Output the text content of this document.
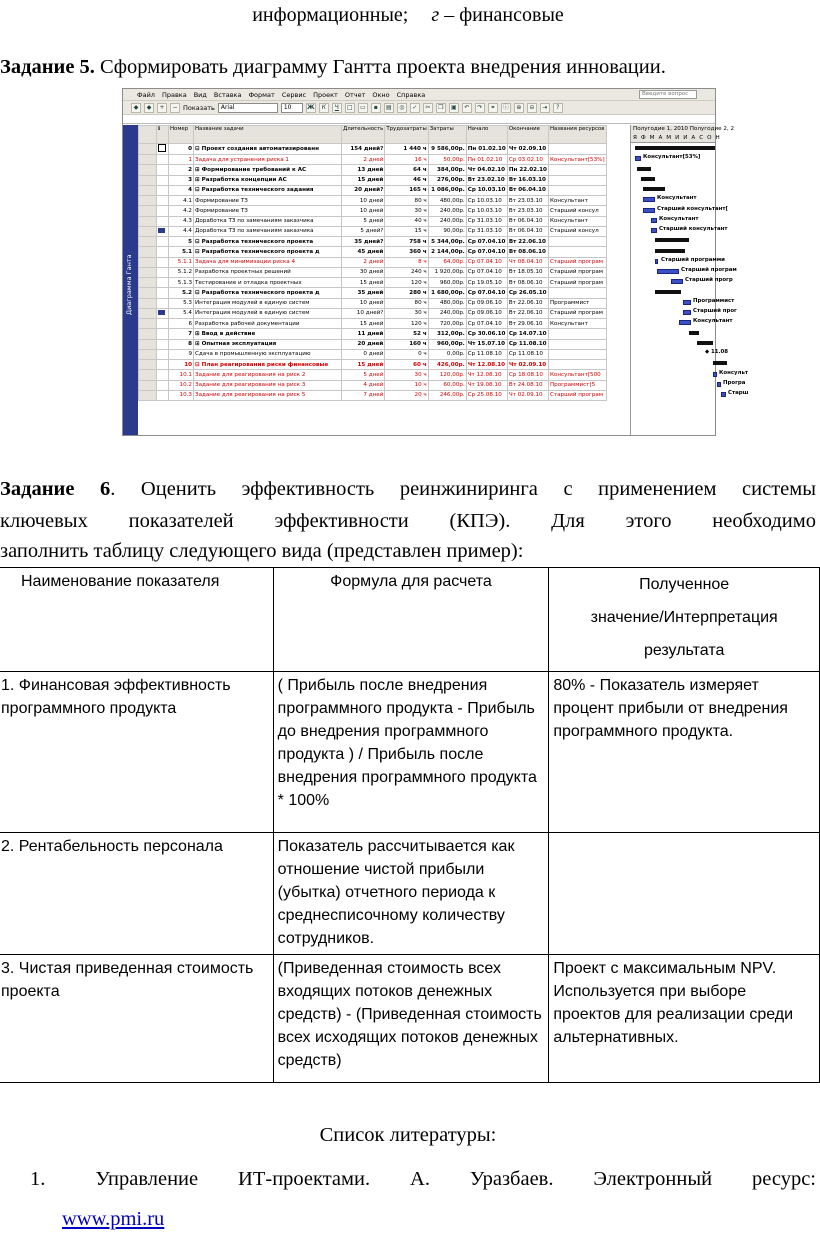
информационные; г – финансовые
Задание 5. Сформировать диаграмму Гантта проекта внедрения инновации.
Файл Правка Вид Вставка Формат Сервис Проект Отчет Окно Справка	Введите вопрос
◆	◆	+	− Показать	Arial	10	Ж	К	Ч	□	▭	▪	▤	◎	✓	✂	❐	▣	↶	↷	⚭	ⓘ	⊕	⊖	⇥	?
Диаграмма Ганта
	ℹ	Номер	Название задачи	Длительность	Трудозатраты	Затраты	Начало	Окончание	Названия ресурсов
		0	⊟ Проект создания автоматизированн	154 дней?	1 440 ч	9 586,00р.	Пн 01.02.10	Чт 02.09.10	
		1	Задача для устранения риска 1	2 дней	16 ч	50,00р.	Пн 01.02.10	Ср 03.02.10	Консультант[53%]
		2	⊞ Формирование требований к АС	13 дней	64 ч	384,00р.	Чт 04.02.10	Пн 22.02.10	
		3	⊞ Разработка концепции АС	15 дней	46 ч	276,00р.	Вт 23.02.10	Вт 16.03.10	
		4	⊟ Разработка технического задания	20 дней?	165 ч	1 086,00р.	Ср 10.03.10	Вт 06.04.10	
		4.1	Формирование ТЗ	10 дней	80 ч	480,00р.	Ср 10.03.10	Вт 23.03.10	Консультант
		4.2	Формирование ТЗ	10 дней	30 ч	240,00р.	Ср 10.03.10	Вт 23.03.10	Старший консул
		4.3	Доработка ТЗ по замечаниям заказчика	5 дней	40 ч	240,00р.	Ср 31.03.10	Вт 06.04.10	Консультант
		4.4	Доработка ТЗ по замечаниям заказчика	5 дней?	15 ч	90,00р.	Ср 31.03.10	Вт 06.04.10	Старший консул
		5	⊟ Разработка технического проекта	35 дней?	758 ч	5 344,00р.	Ср 07.04.10	Вт 22.06.10	
		5.1	⊟ Разработка технического проекта д	45 дней	360 ч	2 144,00р.	Ср 07.04.10	Вт 08.06.10	
		5.1.1	Задача для минимизации риска 4	2 дней	8 ч	64,00р.	Ср 07.04.10	Чт 08.04.10	Старший програм
		5.1.2	Разработка проектных решений	30 дней	240 ч	1 920,00р.	Ср 07.04.10	Вт 18.05.10	Старший програм
		5.1.3	Тестирование и отладка проектных	15 дней	120 ч	960,00р.	Ср 19.05.10	Вт 08.06.10	Старший програм
		5.2	⊟ Разработка технического проекта д	35 дней	280 ч	1 680,00р.	Ср 07.04.10	Ср 26.05.10	
		5.3	Интеграция модулей в единую систем	10 дней	80 ч	480,00р.	Ср 09.06.10	Вт 22.06.10	Программист
		5.4	Интеграция модулей в единую систем	10 дней?	30 ч	240,00р.	Ср 09.06.10	Вт 22.06.10	Старший програм
		6	Разработка рабочей документации	15 дней	120 ч	720,00р.	Ср 07.04.10	Вт 29.06.10	Консультант
		7	⊞ Ввод в действие	11 дней	52 ч	312,00р.	Ср 30.06.10	Ср 14.07.10	
		8	⊞ Опытная эксплуатация	20 дней	160 ч	960,00р.	Чт 15.07.10	Ср 11.08.10	
		9	Сдача в промышленную эксплуатацию	0 дней	0 ч	0,00р.	Ср 11.08.10	Ср 11.08.10	
		10	⊟ План реагирования риски финансовые	15 дней	60 ч	426,00р.	Чт 12.08.10	Чт 02.09.10	
		10.1	Задание для реагирования на риск 2	5 дней	30 ч	120,00р.	Чт 12.08.10	Ср 18.08.10	Консультант[500
		10.2	Задание для реагирования на риск 3	4 дней	10 ч	60,00р.	Чт 19.08.10	Вт 24.08.10	Программист[5
		10.3	Задание для реагирования на риск 5	7 дней	20 ч	246,00р.	Ср 25.08.10	Чт 02.09.10	Старший програм
Полугодие 1, 2010 Полугодие 2, 2
Я Ф М А М И И А С О Н
Консультант[53%]
Консультант
Старший консультант[
Консультант
Старший консультант
Старший программи
Старший програм
Старший прогр
Программист
Старший прог
Консультант
11.08
Консульт
Програ
Старш
◆
Задание 6. Оценить эффективность реинжиниринга с применением системы
ключевых показателей эффективности (КПЭ). Для этого необходимо
заполнить таблицу следующего вида (представлен пример):
Наименование показателя	Формула для расчета	Полученное
значение/Интерпретация
результата

1. Финансовая эффективность программного продукта	( Прибыль после внедрения программного продукта - Прибыль до внедрения программного продукта ) / Прибыль после внедрения программного продукта * 100%	80% - Показатель измеряет процент прибыли от внедрения программного продукта.
2. Рентабельность персонала	Показатель рассчитывается как отношение чистой прибыли (убытка) отчетного периода к среднесписочному количеству сотрудников.	
3. Чистая приведенная стоимость проекта	(Приведенная стоимость всех входящих потоков денежных средств) - (Приведенная стоимость всех исходящих потоков денежных средств)	Проект с максимальным NPV. Используется при выборе проектов для реализации среди альтернативных.
Список литературы:
1. Управление ИТ-проектами. А. Уразбаев. Электронный ресурс:
www.pmi.ru
